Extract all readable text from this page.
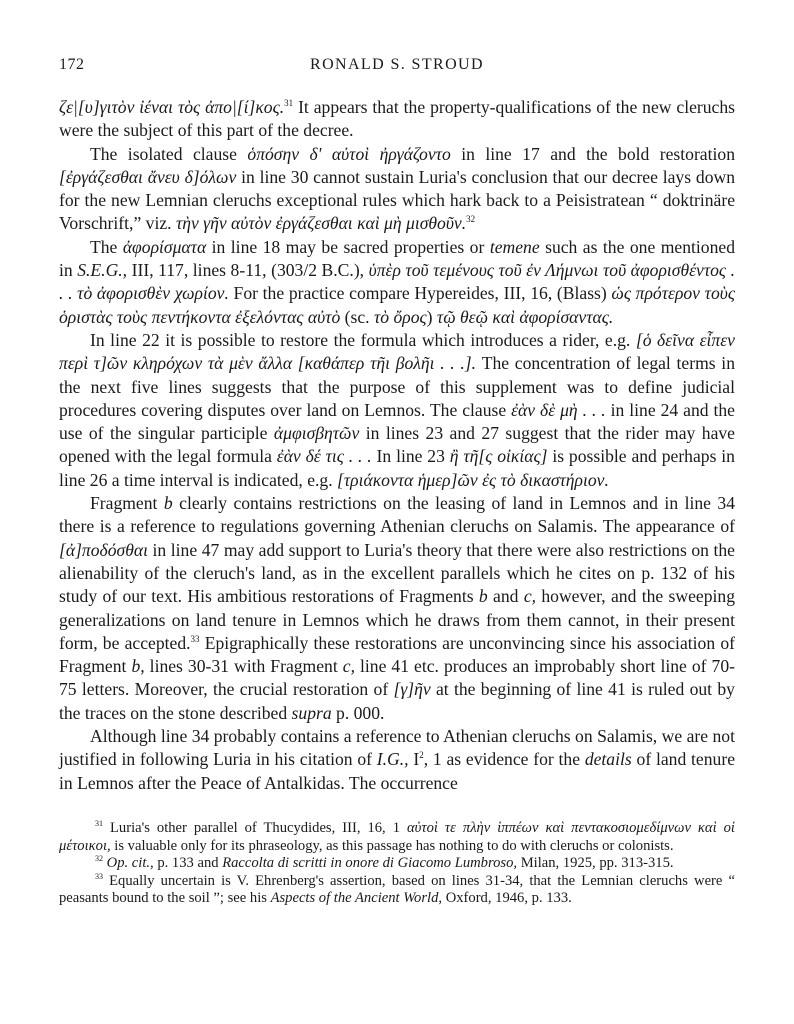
172	RONALD S. STROUD

ζε|[υ]γιτὸν ἰέναι τὸς ἀπο|[ί]κος.$^{31}$ It appears that the property-qualifications of the new cleruchs were the subject of this part of the decree.

The isolated clause ὁπόσην δ' αὐτοὶ ἠργάζοντο in line 17 and the bold restoration [ἐργάζεσθαι ἄνευ δ]όλων in line 30 cannot sustain Luria's conclusion that our decree lays down for the new Lemnian cleruchs exceptional rules which hark back to a Peisistratean “ doktrinäre Vorschrift,” viz. τὴν γῆν αὐτὸν ἐργάζεσθαι καὶ μὴ μισθοῦν.$^{32}$

The ἀφορίσματα in line 18 may be sacred properties or temene such as the one mentioned in S.E.G., III, 117, lines 8-11, (303/2 B.C.), ὑπὲρ τοῦ τεμένους τοῦ ἐν Λήμνωι τοῦ ἀφορισθέντος . . . τὸ ἀφορισθὲν χωρίον. For the practice compare Hypereides, III, 16, (Blass) ὡς πρότερον τοὺς ὁριστὰς τοὺς πεντήκοντα ἐξελόντας αὐτὸ (sc. τὸ ὄρος) τῷ θεῷ καὶ ἀφορίσαντας.

In line 22 it is possible to restore the formula which introduces a rider, e.g. [ὁ δεῖνα εἶπεν περὶ τ]ῶν κληρόχων τὰ μὲν ἄλλα [καθάπερ τῆι βολῆι . . .]. The concentration of legal terms in the next five lines suggests that the purpose of this supplement was to define judicial procedures covering disputes over land on Lemnos. The clause ἐὰν δὲ μὴ . . . in line 24 and the use of the singular participle ἀμφισβητῶν in lines 23 and 27 suggest that the rider may have opened with the legal formula ἐὰν δέ τις . . . In line 23 ἢ τῆ[ς οἰκίας] is possible and perhaps in line 26 a time interval is indicated, e.g. [τριάκοντα ἡμερ]ῶν ἐς τὸ δικαστήριον.

Fragment b clearly contains restrictions on the leasing of land in Lemnos and in line 34 there is a reference to regulations governing Athenian cleruchs on Salamis. The appearance of [ἀ]ποδόσθαι in line 47 may add support to Luria's theory that there were also restrictions on the alienability of the cleruch's land, as in the excellent parallels which he cites on p. 132 of his study of our text. His ambitious restorations of Fragments b and c, however, and the sweeping generalizations on land tenure in Lemnos which he draws from them cannot, in their present form, be accepted.$^{33}$ Epigraphically these restorations are unconvincing since his association of Fragment b, lines 30-31 with Fragment c, line 41 etc. produces an improbably short line of 70-75 letters. Moreover, the crucial restoration of [γ]ῆν at the beginning of line 41 is ruled out by the traces on the stone described supra p. 000.

Although line 34 probably contains a reference to Athenian cleruchs on Salamis, we are not justified in following Luria in his citation of I.G., $I^2$, 1 as evidence for the details of land tenure in Lemnos after the Peace of Antalkidas. The occurrence

$^{31}$ Luria's other parallel of Thucydides, III, 16, 1 αὐτοὶ τε πλὴν ἱππέων καὶ πεντακοσιομεδίμνων καὶ οἱ μέτοικοι, is valuable only for its phraseology, as this passage has nothing to do with cleruchs or colonists.

$^{32}$ Op. cit., p. 133 and Raccolta di scritti in onore di Giacomo Lumbroso, Milan, 1925, pp. 313-315.

$^{33}$ Equally uncertain is V. Ehrenberg's assertion, based on lines 31-34, that the Lemnian cleruchs were “ peasants bound to the soil ”; see his Aspects of the Ancient World, Oxford, 1946, p. 133.
